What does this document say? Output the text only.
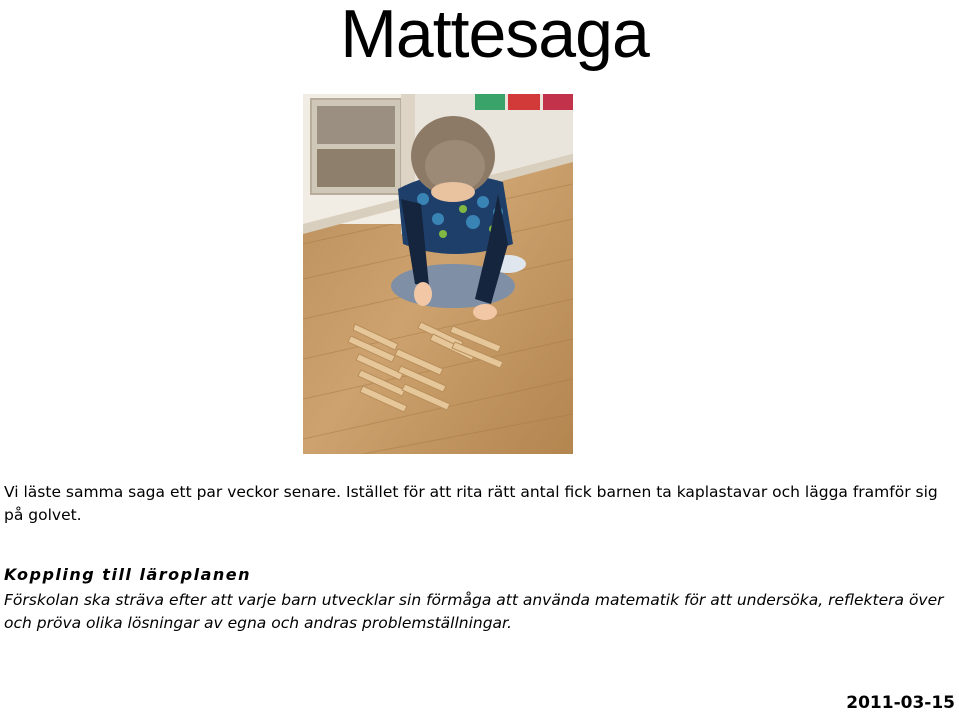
Mattesaga

Vi läste samma saga ett par veckor senare. Istället för att rita rätt antal fick barnen ta kaplastavar och lägga framför sig på golvet.

Koppling till läroplanen

Förskolan ska sträva efter att varje barn utvecklar sin förmåga att använda matematik för att undersöka, reflektera över och pröva olika lösningar av egna och andras problemställningar.

2011-03-15
